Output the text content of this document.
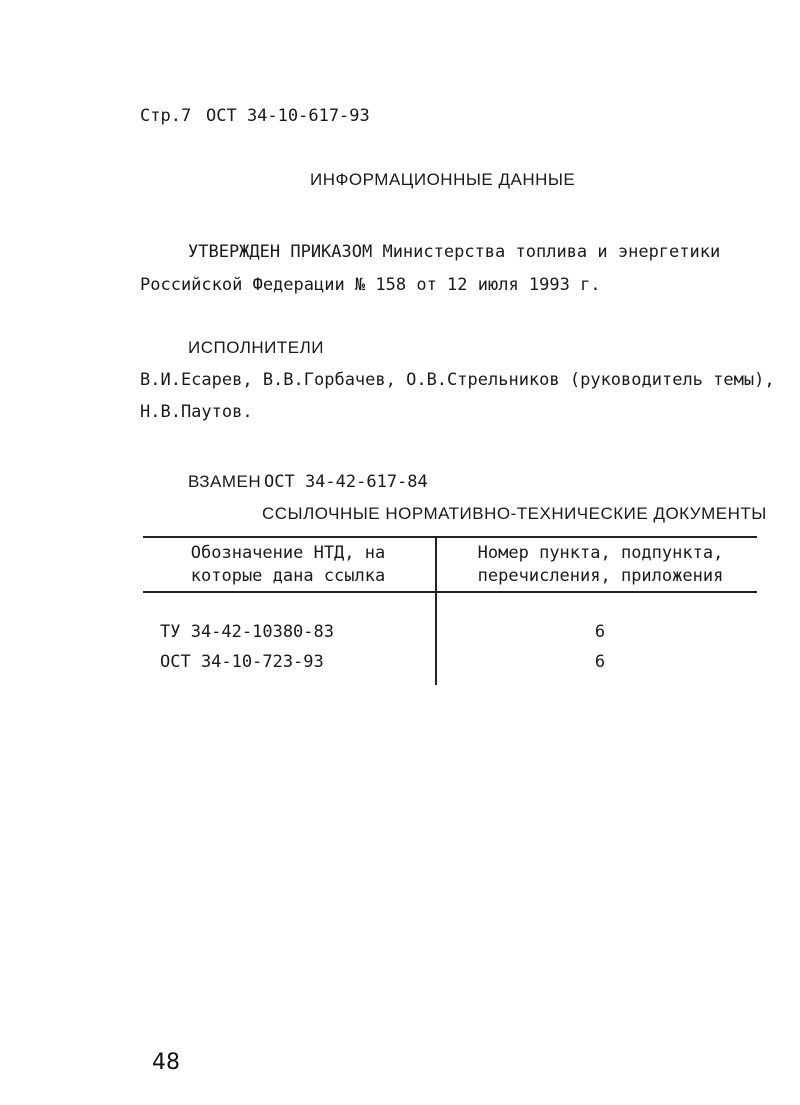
Стр.7 ОСТ 34-10-617-93
ИНФОРМАЦИОННЫЕ ДАННЫЕ
УТВЕРЖДЕН ПРИКАЗОМ Министерства топлива и энергетики
Российской Федерации № 158 от 12 июля 1993 г.
ИСПОЛНИТЕЛИ
В.И.Есарев, В.В.Горбачев, О.В.Стрельников (руководитель темы),
Н.В.Паутов.
ВЗАМЕН ОСТ 34-42-617-84
ССЫЛОЧНЫЕ НОРМАТИВНО-ТЕХНИЧЕСКИЕ ДОКУМЕНТЫ
Обозначение НТД, на
которые дана ссылка
Номер пункта, подпункта,
перечисления, приложения
ТУ 34-42-10380-83	6
ОСТ 34-10-723-93	6
48
